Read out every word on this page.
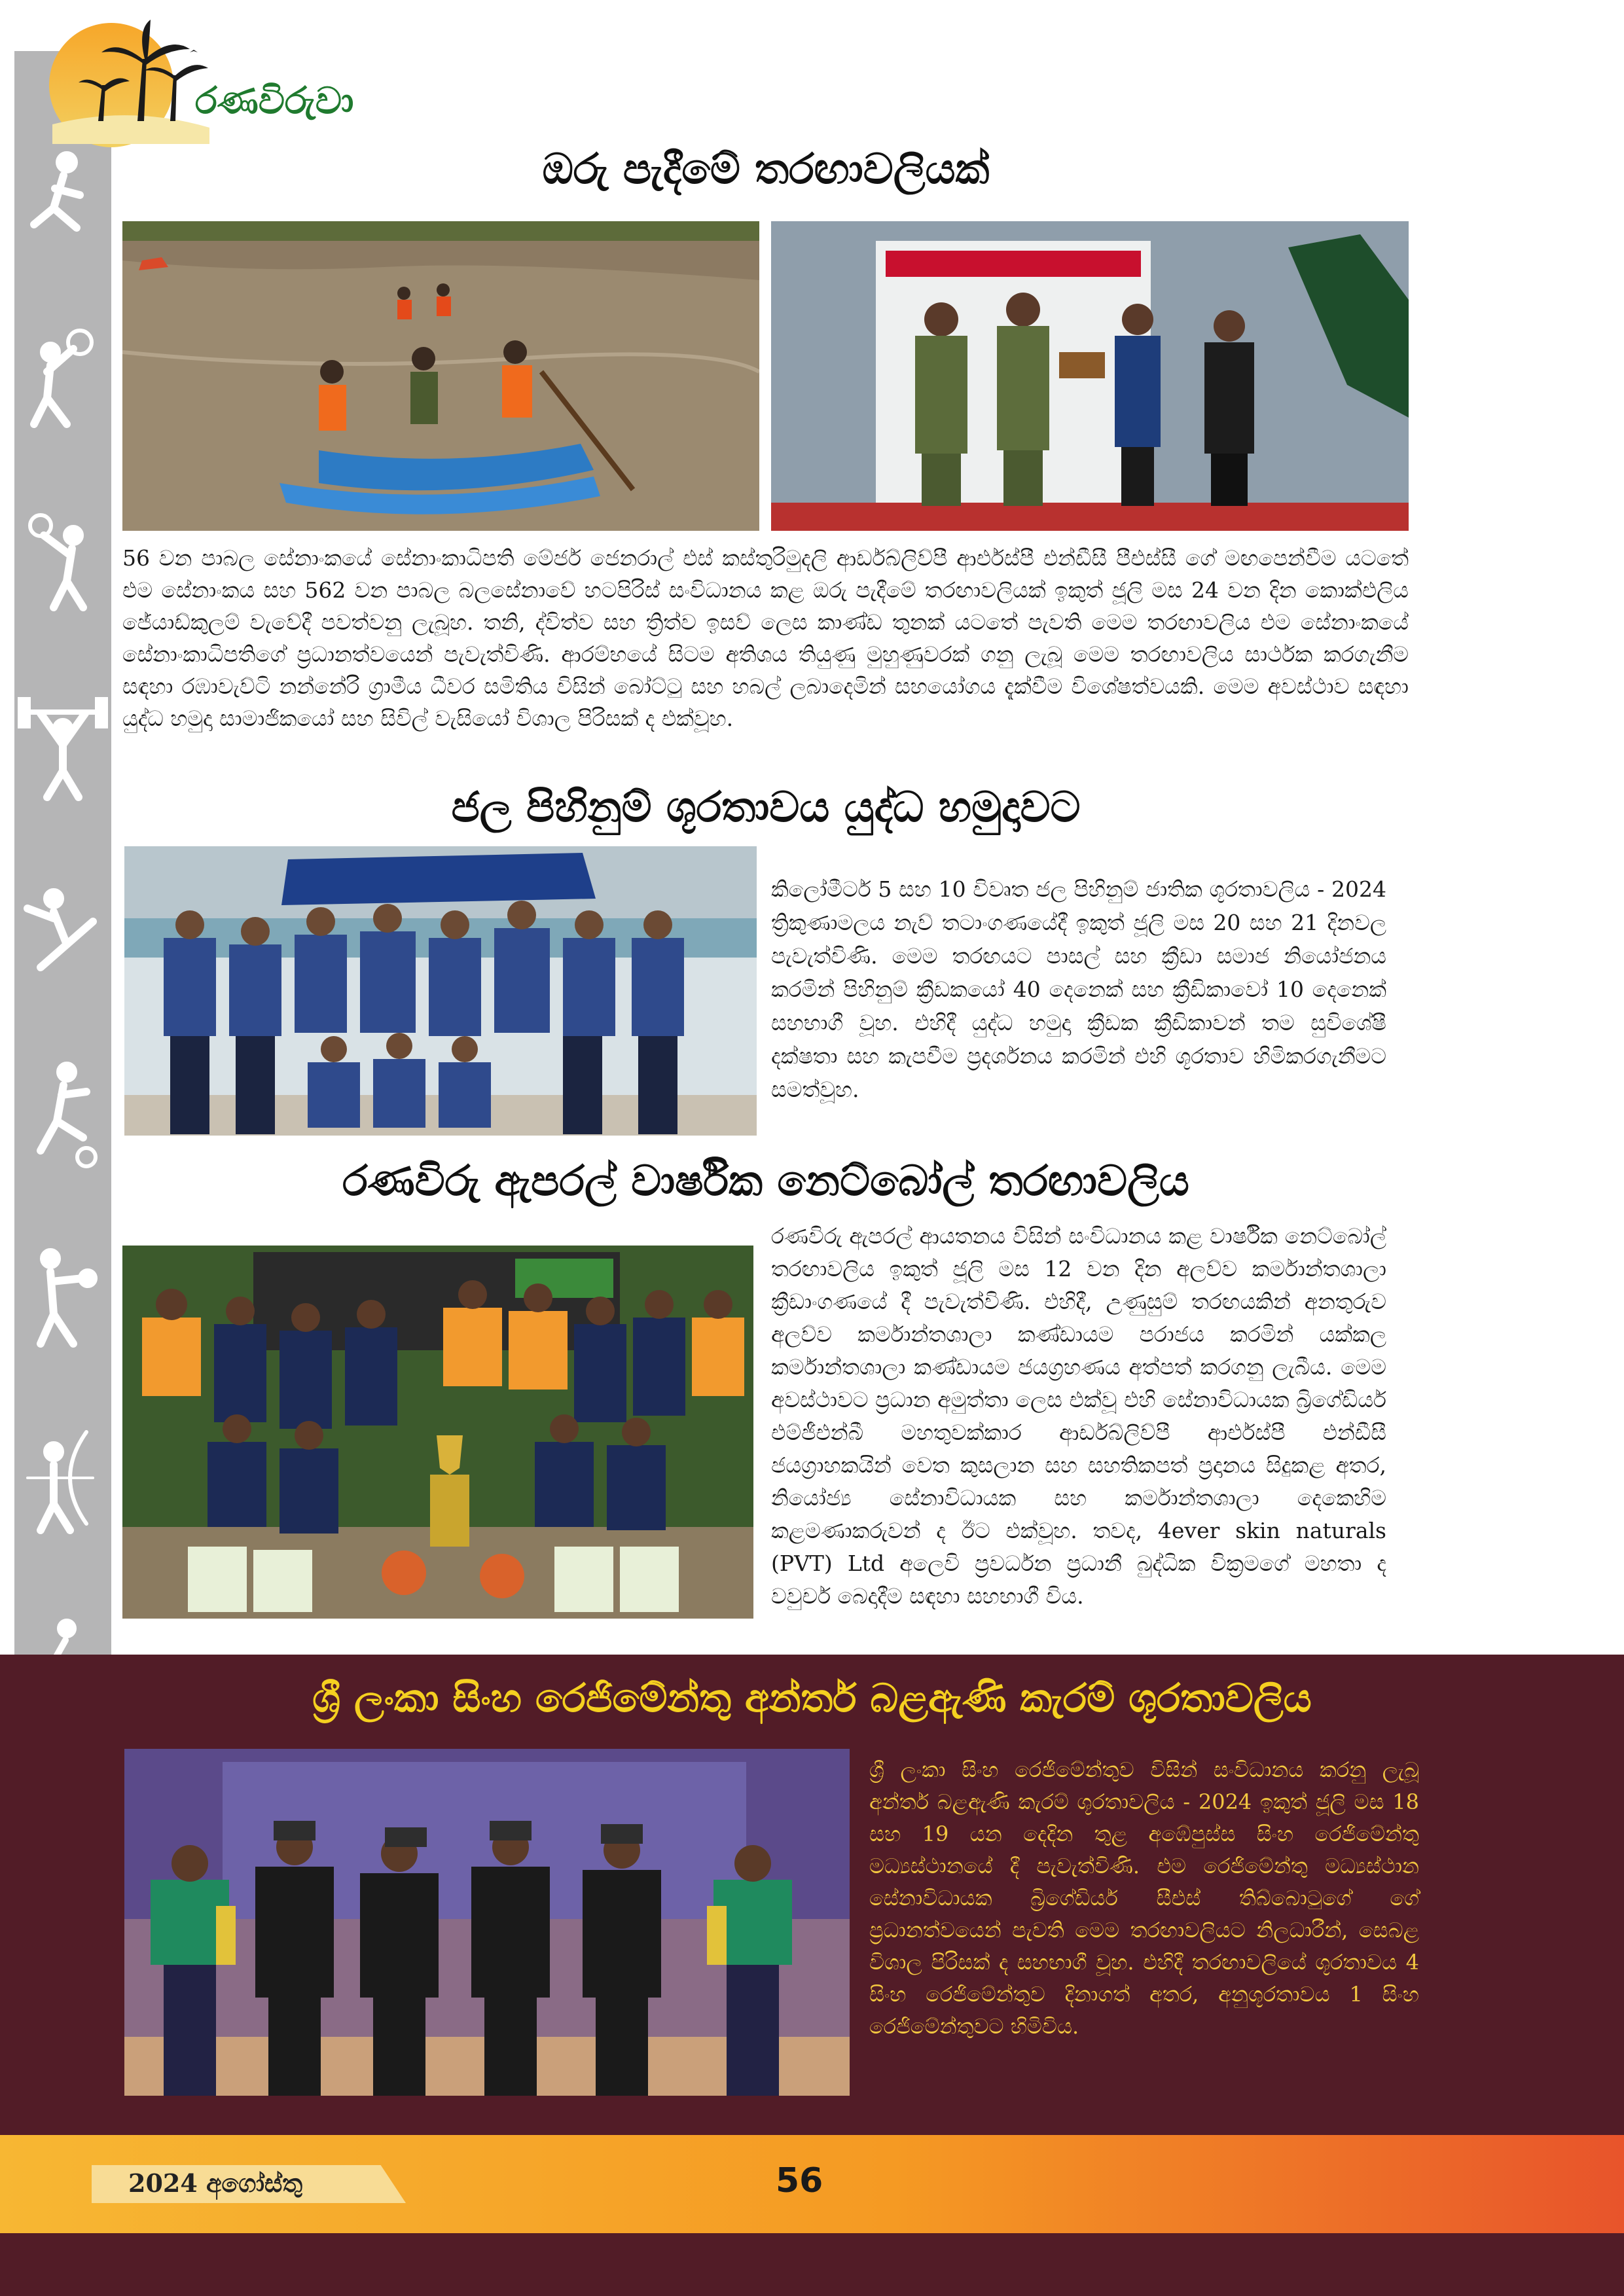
රණවිරුවා
ඔරු පැදීමේ තරඟාවලියක්
56 වන පාබල සේනාංකයේ සේනාංකාධිපති මේජර් ජෙනරාල් එස් කස්තුරිමුදලි ආර්ඩබ්ලිව්පී ආර්එස්පී එන්ඩීසී පීඑස්සී ගේ මඟපෙන්වීම යටතේ එම සේනාංකය සහ 562 වන පාබල බලසේනාවේ හටපිරිස් සංවිධානය කළ ඔරු පැදීමේ තරඟාවලියක් ඉකුත් ජූලි මස 24 වන දින කොක්එලිය ජේයාඩ්කුලම් වැවේදී පවත්වනු ලැබූහ. තනි, ද්විත්ව සහ ත්‍රිත්ව ඉසව් ලෙස කාණ්ඩ තුනක් යටතේ පැවති මෙම තරඟාවලිය එම සේනාංකයේ සේනාංකාධිපතිගේ ප්‍රධානත්වයෙන් පැවැත්විණි. ආරම්භයේ සිටම අතිශය තියුණු මුහුණුවරක් ගනු ලැබූ මෙම තරඟාවලිය සාර්ථක කරගැනීම සඳහා රඹාවැව්ටි නන්නේරි ග්‍රාමීය ධීවර සමිතිය විසින් බෝට්ටු සහ හබල් ලබාදෙමින් සහයෝගය දැක්වීම විශේෂත්වයකි. මෙම අවස්ථාව සඳහා යුද්ධ හමුදා සාමාජිකයෝ සහ සිවිල් වැසියෝ විශාල පිරිසක් ද එක්වූහ.
ජල පිහිනුම් ශූරතාවය යුද්ධ හමුදාවට
කිලෝමීටර් 5 සහ 10 විවෘත ජල පිහිනුම් ජාතික ශූරතාවලිය - 2024 ත්‍රිකුණාමලය නැව් තටාංගණයේදී ඉකුත් ජූලි මස 20 සහ 21 දිනවල පැවැත්විණි. මෙම තරඟයට පාසල් සහ ක්‍රීඩා සමාජ නියෝජනය කරමින් පිහිනුම් ක්‍රීඩකයෝ 40 දෙනෙක් සහ ක්‍රීඩිකාවෝ 10 දෙනෙක් සහභාගී වූහ. එහිදී යුද්ධ හමුදා ක්‍රීඩක ක්‍රීඩිකාවන් තම සුවිශේෂී දක්ෂතා සහ කැපවීම ප්‍රදර්ශනය කරමින් එහි ශූරතාව හිමිකරගැනීමට සමත්වූහ.
රණවිරු ඇපරල් වාර්ෂික නෙට්බෝල් තරඟාවලිය
රණවිරු ඇපරල් ආයතනය විසින් සංවිධානය කළ වාර්ෂික නෙට්බෝල් තරඟාවලිය ඉකුත් ජූලි මස 12 වන දින අලව්ව කර්මාන්තශාලා ක්‍රීඩාංගණයේ දී පැවැත්විණි. එහිදී, උණුසුම් තරඟයකින් අනතුරුව අලව්ව කර්මාන්තශාලා කණ්ඩායම පරාජය කරමින් යක්කල කර්මාන්තශාලා කණ්ඩායම ජයග්‍රහණය අත්පත් කරගනු ලැබීය. මෙම අවස්ථාවට ප්‍රධාන අමුත්තා ලෙස එක්වූ එහි සේනාවිධායක බ්‍රිගේඩියර් එම්ජීඑන්බී මහතුවක්කාර ආර්ඩබ්ලිව්පී ආර්එස්පී එන්ඩීසී ජයග්‍රාහකයින් වෙත කුසලාන සහ සහතිකපත් ප්‍රදානය සිදුකළ අතර, නියෝජ්‍ය සේනාවිධායක සහ කර්මාන්තශාලා දෙකෙහිම කළමණාකරුවන් ද ඊට එක්වූහ. තවද, 4ever skin naturals (PVT) Ltd අලෙවි ප්‍රවර්ධන ප්‍රධානී බුද්ධික වික්‍රමගේ මහතා ද වවුචර් බෙදාදීම සඳහා සහභාගී විය.
ශ්‍රී ලංකා සිංහ රෙජිමේන්තු අන්තර් බළඇණි කැරම් ශූරතාවලිය
ශ්‍රී ලංකා සිංහ රෙජිමේන්තුව විසින් සංවිධානය කරනු ලැබූ අන්තර් බළඇණි කැරම් ශූරතාවලිය - 2024 ඉකුත් ජූලි මස 18 සහ 19 යන දෙදින තුළ අඹේපුස්ස සිංහ රෙජිමේන්තු මධ්‍යස්ථානයේ දී පැවැත්විණි. එම රෙජිමේන්තු මධ්‍යස්ථාන සේනාවිධායක බ්‍රිගේඩියර් සීඑස් තිබ්බොටුගේ ගේ ප්‍රධානත්වයෙන් පැවති මෙම තරඟාවලියට නිලධාරීන්, සෙබළ විශාල පිරිසක් ද සහභාගී වූහ. එහිදී තරඟාවලියේ ශූරතාවය 4 සිංහ රෙජිමේන්තුව දිනාගත් අතර, අනුශූරතාවය 1 සිංහ රෙජිමේන්තුවට හිමිවිය.
2024 අගෝස්තු	56
